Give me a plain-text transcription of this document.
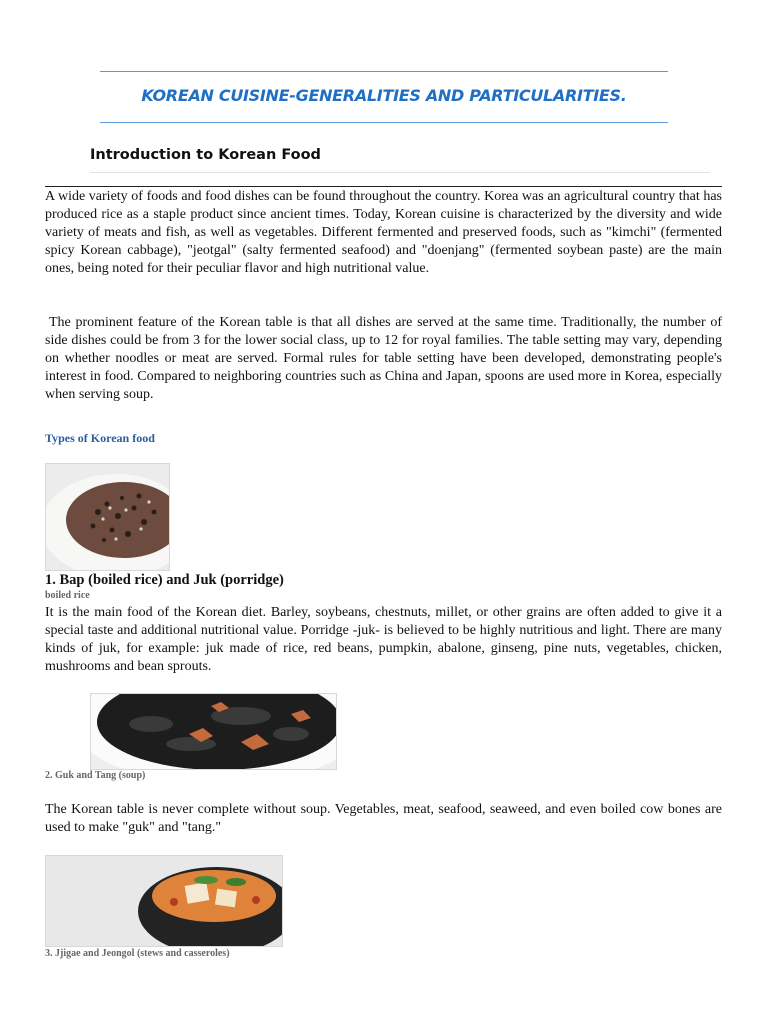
KOREAN CUISINE-GENERALITIES AND PARTICULARITIES.
Introduction to Korean Food

A wide variety of foods and food dishes can be found throughout the country. Korea was an agricultural country that has produced rice as a staple product since ancient times. Today, Korean cuisine is characterized by the diversity and wide variety of meats and fish, as well as vegetables. Different fermented and preserved foods, such as "kimchi" (fermented spicy Korean cabbage), "jeotgal" (salty fermented seafood) and "doenjang" (fermented soybean paste) are the main ones, being noted for their peculiar flavor and high nutritional value.

The prominent feature of the Korean table is that all dishes are served at the same time. Traditionally, the number of side dishes could be from 3 for the lower social class, up to 12 for royal families. The table setting may vary, depending on whether noodles or meat are served. Formal rules for table setting have been developed, demonstrating people's interest in food. Compared to neighboring countries such as China and Japan, spoons are used more in Korea, especially when serving soup.

Types of Korean food
1. Bap (boiled rice) and Juk (porridge)
boiled rice

It is the main food of the Korean diet. Barley, soybeans, chestnuts, millet, or other grains are often added to give it a special taste and additional nutritional value. Porridge -juk- is believed to be highly nutritious and light. There are many kinds of juk, for example: juk made of rice, red beans, pumpkin, abalone, ginseng, pine nuts, vegetables, chicken, mushrooms and bean sprouts.

2. Guk and Tang (soup)

The Korean table is never complete without soup. Vegetables, meat, seafood, seaweed, and even boiled cow bones are used to make "guk" and "tang."

3. Jjigae and Jeongol (stews and casseroles)
